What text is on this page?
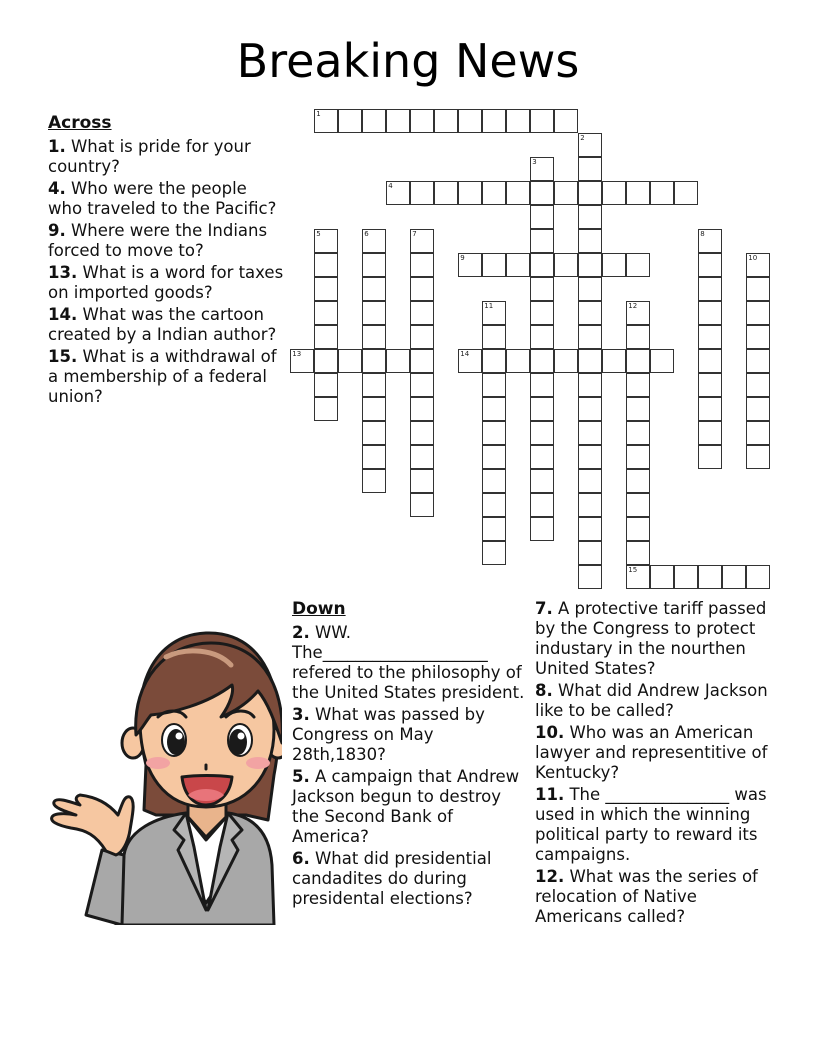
Breaking News
1
2
3
4
5	6	7	8
9	10
11	12
15
13	14
Across
1. What is pride for your country?
4. Who were the people who traveled to the Pacific?
9. Where were the Indians forced to move to?
13. What is a word for taxes on imported goods?
14. What was the cartoon created by a Indian author?
15. What is a withdrawal of a membership of a federal union?
Down
2. WW. The____________________ refered to the philosophy of the United States president.
3. What was passed by Congress on May 28th,1830?
5. A campaign that Andrew Jackson begun to destroy the Second Bank of America?
6. What did presidential candadites do during presidental elections?
7. A protective tariff passed by the Congress to protect industary in the nourthen United States?
8. What did Andrew Jackson like to be called?
10. Who was an American lawyer and representitive of Kentucky?
11. The _______________ was used in which the winning political party to reward its campaigns.
12. What was the series of relocation of Native Americans called?
